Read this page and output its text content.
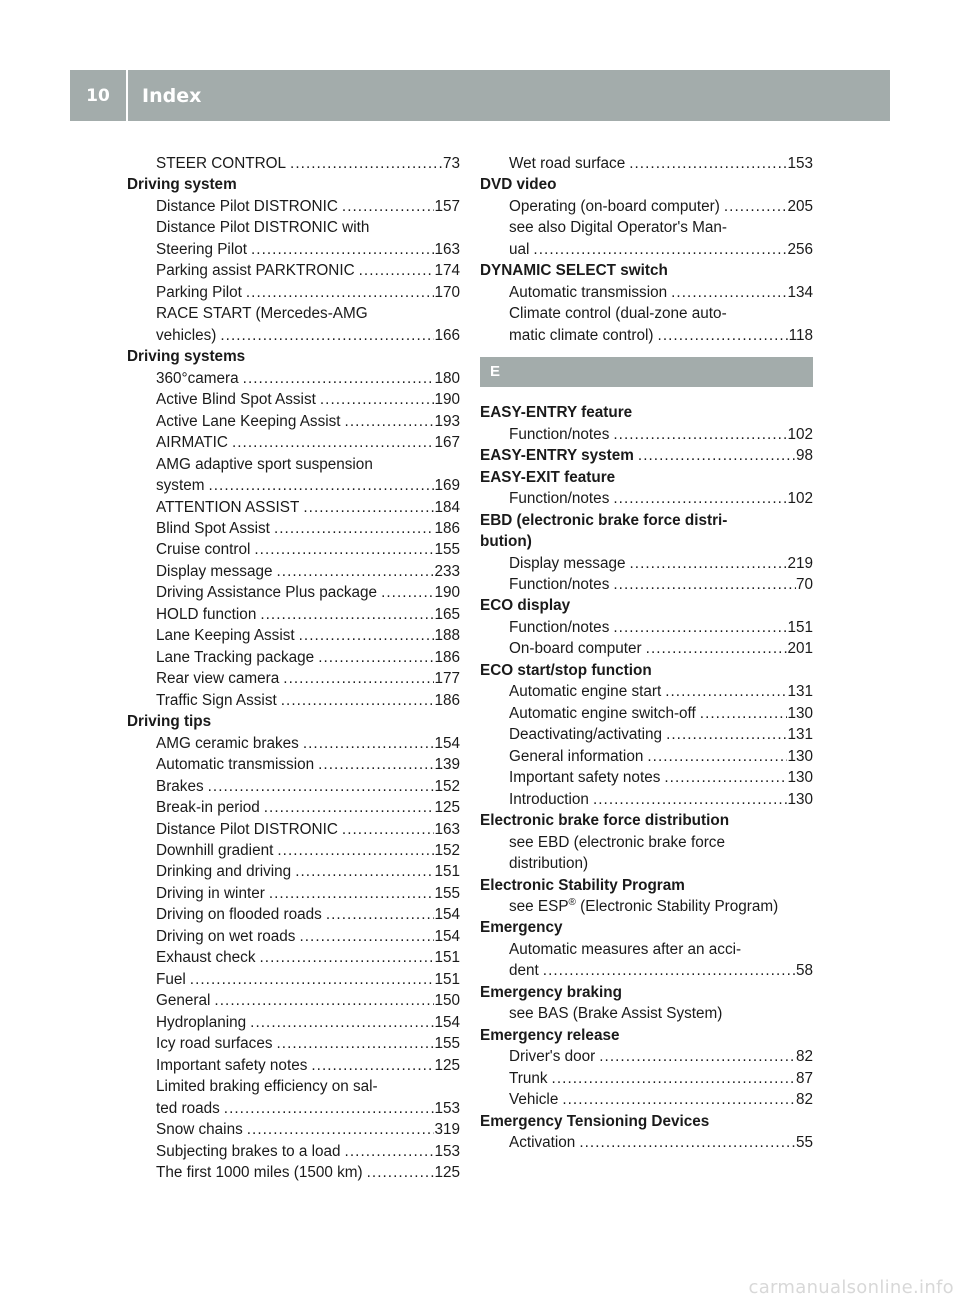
10	Index
STEER CONTROL . . .	73
Driving system
Distance Pilot DISTRONIC . . .	157
Distance Pilot DISTRONIC with
Steering Pilot . . .	163
Parking assist PARKTRONIC . . .	174
Parking Pilot . . .	170
RACE START (Mercedes-AMG
vehicles) . . .	166
Driving systems
360°camera . . .	180
Active Blind Spot Assist . . .	190
Active Lane Keeping Assist . . .	193
AIRMATIC . . .	167
AMG adaptive sport suspension
system . . .	169
ATTENTION ASSIST . . .	184
Blind Spot Assist . . .	186
Cruise control . . .	155
Display message . . .	233
Driving Assistance Plus package . . .	190
HOLD function . . .	165
Lane Keeping Assist . . .	188
Lane Tracking package . . .	186
Rear view camera . . .	177
Traffic Sign Assist . . .	186
Driving tips
AMG ceramic brakes . . .	154
Automatic transmission . . .	139
Brakes . . .	152
Break-in period . . .	125
Distance Pilot DISTRONIC . . .	163
Downhill gradient . . .	152
Drinking and driving . . .	151
Driving in winter . . .	155
Driving on flooded roads . . .	154
Driving on wet roads . . .	154
Exhaust check . . .	151
Fuel . . .	151
General . . .	150
Hydroplaning . . .	154
Icy road surfaces . . .	155
Important safety notes . . .	125
Limited braking efficiency on sal-
ted roads . . .	153
Snow chains . . .	319
Subjecting brakes to a load . . .	153
The first 1000 miles (1500 km) . . .	125
Wet road surface . . .	153
DVD video
Operating (on-board computer) . . .	205
see also Digital Operator's Man-
ual . . .	256
DYNAMIC SELECT switch
Automatic transmission . . .	134
Climate control (dual-zone auto-
matic climate control) . . .	118
E
EASY-ENTRY feature
Function/notes . . .	102
EASY-ENTRY system . . .	98
EASY-EXIT feature
Function/notes . . .	102
EBD (electronic brake force distri-
bution)
Display message . . .	219
Function/notes . . .	70
ECO display
Function/notes . . .	151
On-board computer . . .	201
ECO start/stop function
Automatic engine start . . .	131
Automatic engine switch-off . . .	130
Deactivating/activating . . .	131
General information . . .	130
Important safety notes . . .	130
Introduction . . .	130
Electronic brake force distribution
see EBD (electronic brake force
distribution)
Electronic Stability Program
see ESP® (Electronic Stability Program)
Emergency
Automatic measures after an acci-
dent . . .	58
Emergency braking
see BAS (Brake Assist System)
Emergency release
Driver's door . . .	82
Trunk . . .	87
Vehicle . . .	82
Emergency Tensioning Devices
Activation . . .	55
carmanualsonline.info
